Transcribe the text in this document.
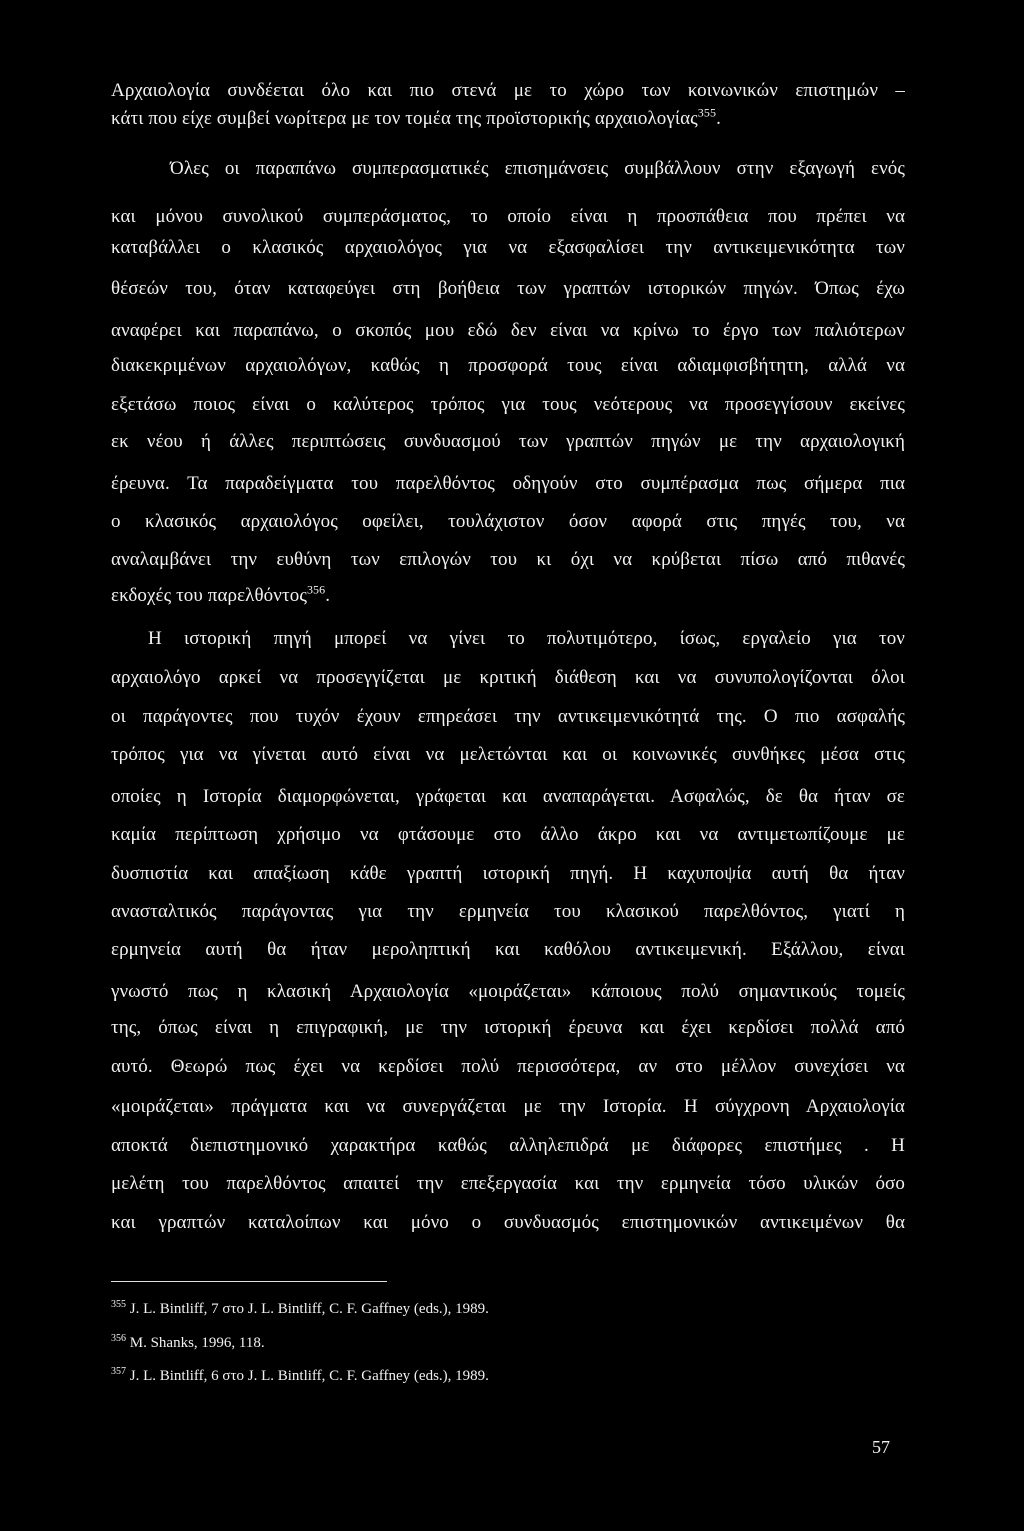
Αρχαιολογία συνδέεται όλο και πιο στενά με το χώρο των κοινωνικών επιστημών –
κάτι που είχε συμβεί νωρίτερα με τον τομέα της προϊστορικής αρχαιολογίας$^{355}$.
Όλες οι παραπάνω συμπερασματικές επισημάνσεις συμβάλλουν στην εξαγωγή ενός
και μόνου συνολικού συμπεράσματος, το οποίο είναι η προσπάθεια που πρέπει να
καταβάλλει ο κλασικός αρχαιολόγος για να εξασφαλίσει την αντικειμενικότητα των
θέσεών του, όταν καταφεύγει στη βοήθεια των γραπτών ιστορικών πηγών. Όπως έχω
αναφέρει και παραπάνω, ο σκοπός μου εδώ δεν είναι να κρίνω το έργο των παλιότερων
διακεκριμένων αρχαιολόγων, καθώς η προσφορά τους είναι αδιαμφισβήτητη, αλλά να
εξετάσω ποιος είναι ο καλύτερος τρόπος για τους νεότερους να προσεγγίσουν εκείνες
εκ νέου ή άλλες περιπτώσεις συνδυασμού των γραπτών πηγών με την αρχαιολογική
έρευνα. Τα παραδείγματα του παρελθόντος οδηγούν στο συμπέρασμα πως σήμερα πια
ο κλασικός αρχαιολόγος οφείλει, τουλάχιστον όσον αφορά στις πηγές του, να
αναλαμβάνει την ευθύνη των επιλογών του κι όχι να κρύβεται πίσω από πιθανές
εκδοχές του παρελθόντος$^{356}$.
Η ιστορική πηγή μπορεί να γίνει το πολυτιμότερο, ίσως, εργαλείο για τον
αρχαιολόγο αρκεί να προσεγγίζεται με κριτική διάθεση και να συνυπολογίζονται όλοι
οι παράγοντες που τυχόν έχουν επηρεάσει την αντικειμενικότητά της. Ο πιο ασφαλής
τρόπος για να γίνεται αυτό είναι να μελετώνται και οι κοινωνικές συνθήκες μέσα στις
οποίες η Ιστορία διαμορφώνεται, γράφεται και αναπαράγεται. Ασφαλώς, δε θα ήταν σε
καμία περίπτωση χρήσιμο να φτάσουμε στο άλλο άκρο και να αντιμετωπίζουμε με
δυσπιστία και απαξίωση κάθε γραπτή ιστορική πηγή. Η καχυποψία αυτή θα ήταν
ανασταλτικός παράγοντας για την ερμηνεία του κλασικού παρελθόντος, γιατί η
ερμηνεία αυτή θα ήταν μεροληπτική και καθόλου αντικειμενική. Εξάλλου, είναι
γνωστό πως η κλασική Αρχαιολογία «μοιράζεται» κάποιους πολύ σημαντικούς τομείς
της, όπως είναι η επιγραφική, με την ιστορική έρευνα και έχει κερδίσει πολλά από
αυτό. Θεωρώ πως έχει να κερδίσει πολύ περισσότερα, αν στο μέλλον συνεχίσει να
«μοιράζεται» πράγματα και να συνεργάζεται με την Ιστορία. Η σύγχρονη Αρχαιολογία
αποκτά διεπιστημονικό χαρακτήρα καθώς αλληλεπιδρά με διάφορες επιστήμες . Η
μελέτη του παρελθόντος απαιτεί την επεξεργασία και την ερμηνεία τόσο υλικών όσο
και γραπτών καταλοίπων και μόνο ο συνδυασμός επιστημονικών αντικειμένων θα
$^{355}$ J. L. Bintliff, 7 στο J. L. Bintliff, C. F. Gaffney (eds.), 1989.
$^{356}$ M. Shanks, 1996, 118.
$^{357}$ J. L. Bintliff, 6 στο J. L. Bintliff, C. F. Gaffney (eds.), 1989.
57
